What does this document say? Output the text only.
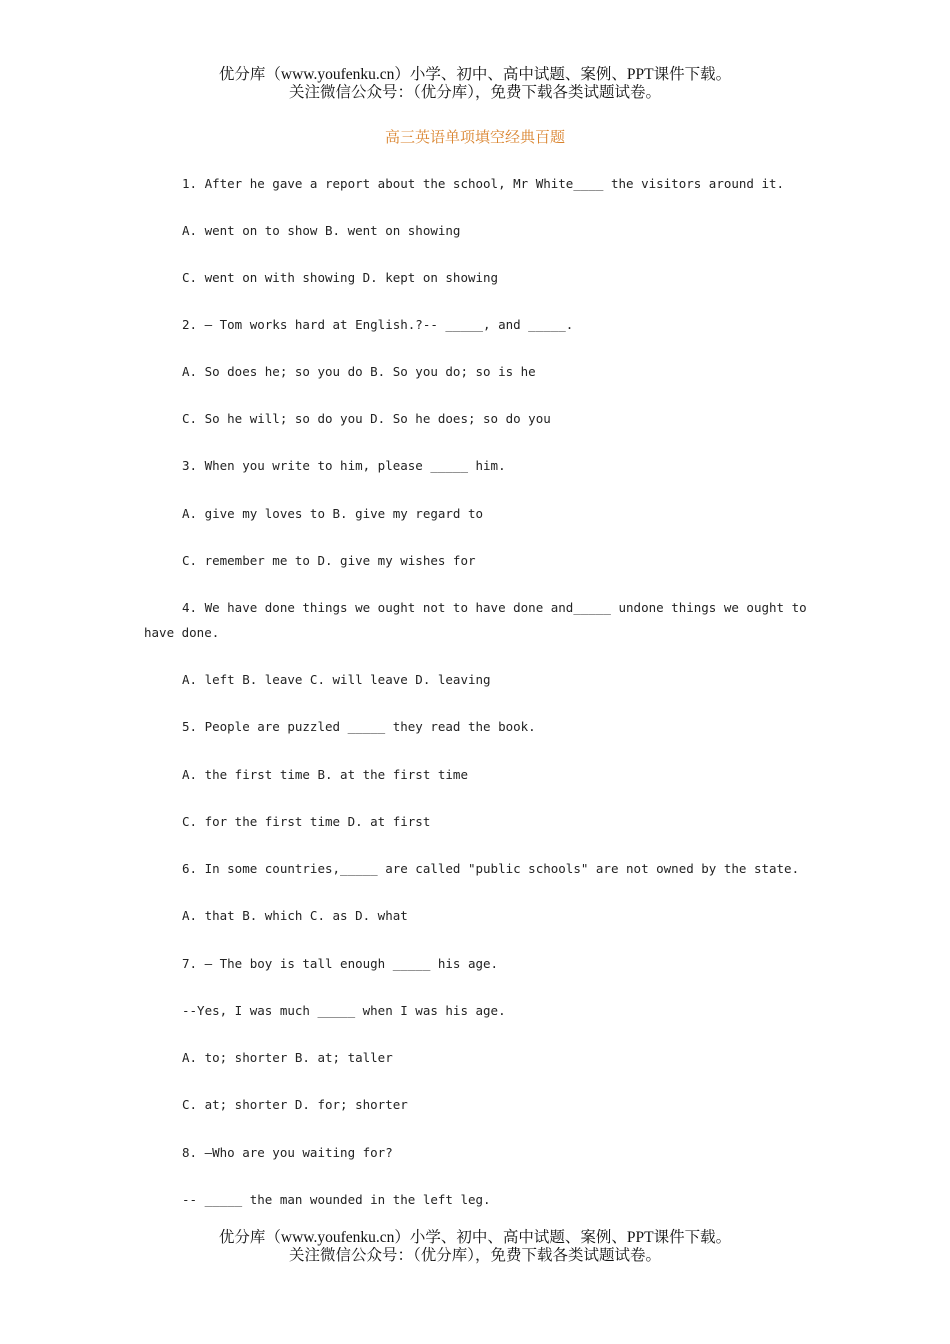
优分库（www.youfenku.cn）小学、初中、高中试题、案例、PPT课件下载。
关注微信公众号：（优分库），免费下载各类试题试卷。
高三英语单项填空经典百题
1. After he gave a report about the school, Mr White____ the visitors around it.
A. went on to show B. went on showing
C. went on with showing D. kept on showing
2. — Tom works hard at English.?-- _____, and _____.
A. So does he; so you do B. So you do; so is he
C. So he will; so do you D. So he does; so do you
3. When you write to him, please _____ him.
A. give my loves to B. give my regard to
C. remember me to D. give my wishes for
4. We have done things we ought not to have done and_____ undone things we ought to
have done.
A. left B. leave C. will leave D. leaving
5. People are puzzled _____ they read the book.
A. the first time B. at the first time
C. for the first time D. at first
6. In some countries,_____ are called "public schools" are not owned by the state.
A. that B. which C. as D. what
7. — The boy is tall enough _____ his age.
--Yes, I was much _____ when I was his age.
A. to; shorter B. at; taller
C. at; shorter D. for; shorter
8. —Who are you waiting for?
-- _____ the man wounded in the left leg.
优分库（www.youfenku.cn）小学、初中、高中试题、案例、PPT课件下载。
关注微信公众号：（优分库），免费下载各类试题试卷。
